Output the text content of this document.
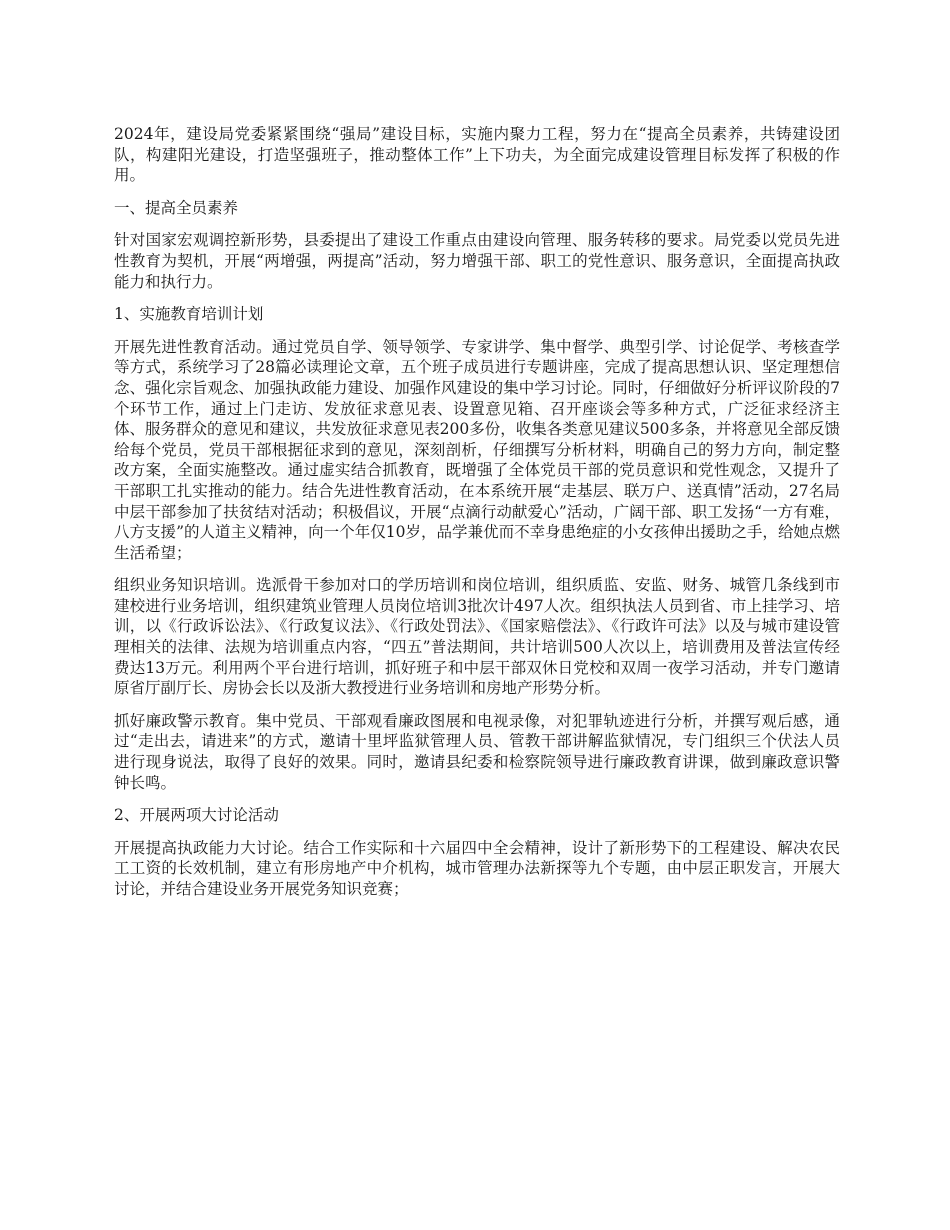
2024年，建设局党委紧紧围绕“强局”建设目标，实施内聚力工程，努力在“提高全员素养，共铸建设团队，构建阳光建设，打造坚强班子，推动整体工作”上下功夫，为全面完成建设管理目标发挥了积极的作用。

一、提高全员素养

针对国家宏观调控新形势，县委提出了建设工作重点由建设向管理、服务转移的要求。局党委以党员先进性教育为契机，开展“两增强，两提高”活动，努力增强干部、职工的党性意识、服务意识，全面提高执政能力和执行力。

1、实施教育培训计划

开展先进性教育活动。通过党员自学、领导领学、专家讲学、集中督学、典型引学、讨论促学、考核查学等方式，系统学习了28篇必读理论文章，五个班子成员进行专题讲座，完成了提高思想认识、坚定理想信念、强化宗旨观念、加强执政能力建设、加强作风建设的集中学习讨论。同时，仔细做好分析评议阶段的7个环节工作，通过上门走访、发放征求意见表、设置意见箱、召开座谈会等多种方式，广泛征求经济主体、服务群众的意见和建议，共发放征求意见表200多份，收集各类意见建议500多条，并将意见全部反馈给每个党员，党员干部根据征求到的意见，深刻剖析，仔细撰写分析材料，明确自己的努力方向，制定整改方案，全面实施整改。通过虚实结合抓教育，既增强了全体党员干部的党员意识和党性观念，又提升了干部职工扎实推动的能力。结合先进性教育活动，在本系统开展“走基层、联万户、送真情”活动，27名局中层干部参加了扶贫结对活动；积极倡议，开展“点滴行动献爱心”活动，广阔干部、职工发扬“一方有难，八方支援”的人道主义精神，向一个年仅10岁，品学兼优而不幸身患绝症的小女孩伸出援助之手，给她点燃生活希望；

组织业务知识培训。选派骨干参加对口的学历培训和岗位培训，组织质监、安监、财务、城管几条线到市建校进行业务培训，组织建筑业管理人员岗位培训3批次计497人次。组织执法人员到省、市上挂学习、培训，以《行政诉讼法》、《行政复议法》、《行政处罚法》、《国家赔偿法》、《行政许可法》以及与城市建设管理相关的法律、法规为培训重点内容，“四五”普法期间，共计培训500人次以上，培训费用及普法宣传经费达13万元。利用两个平台进行培训，抓好班子和中层干部双休日党校和双周一夜学习活动，并专门邀请原省厅副厅长、房协会长以及浙大教授进行业务培训和房地产形势分析。

抓好廉政警示教育。集中党员、干部观看廉政图展和电视录像，对犯罪轨迹进行分析，并撰写观后感，通过“走出去，请进来”的方式，邀请十里坪监狱管理人员、管教干部讲解监狱情况，专门组织三个伏法人员进行现身说法，取得了良好的效果。同时，邀请县纪委和检察院领导进行廉政教育讲课，做到廉政意识警钟长鸣。

2、开展两项大讨论活动

开展提高执政能力大讨论。结合工作实际和十六届四中全会精神，设计了新形势下的工程建设、解决农民工工资的长效机制，建立有形房地产中介机构，城市管理办法新探等九个专题，由中层正职发言，开展大讨论，并结合建设业务开展党务知识竞赛；
